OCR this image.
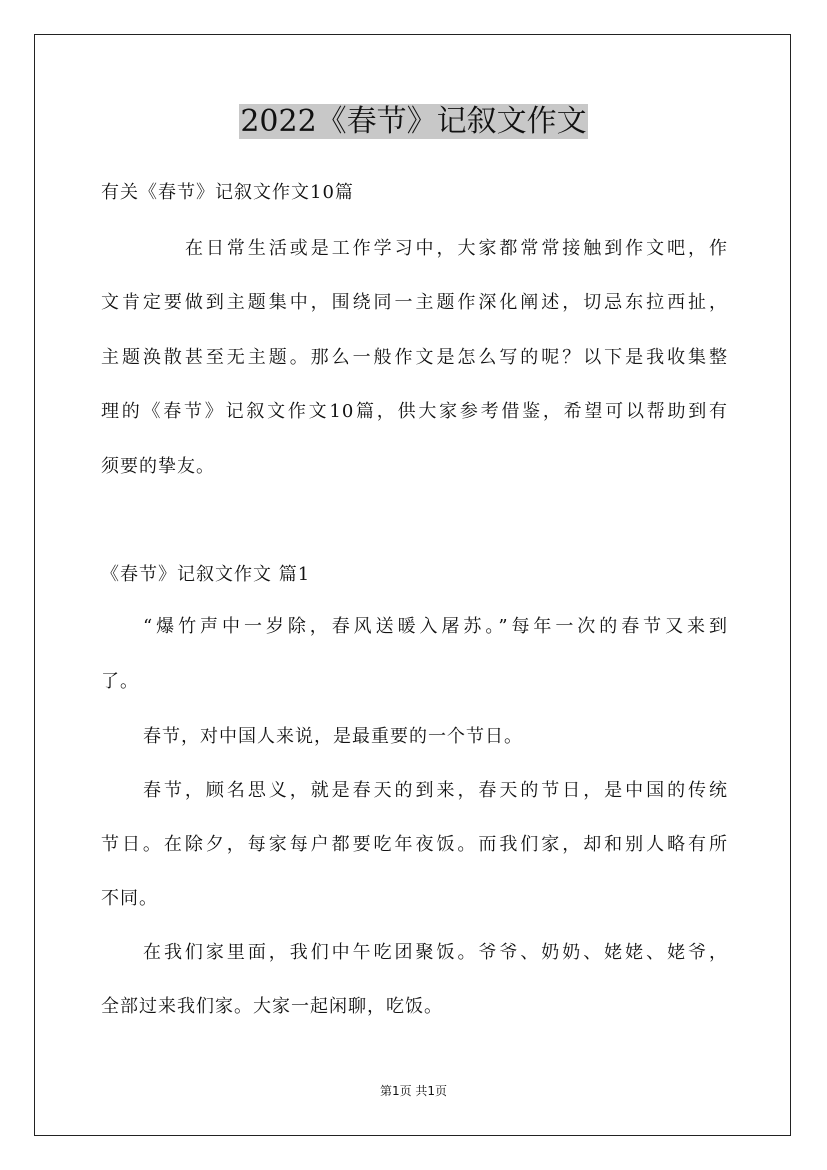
2022《春节》记叙文作文
有关《春节》记叙文作文10篇
在日常生活或是工作学习中，大家都常常接触到作文吧，作
文肯定要做到主题集中，围绕同一主题作深化阐述，切忌东拉西扯，
主题涣散甚至无主题。那么一般作文是怎么写的呢？以下是我收集整
理的《春节》记叙文作文10篇，供大家参考借鉴，希望可以帮助到有
须要的挚友。
《春节》记叙文作文 篇1
“爆竹声中一岁除，春风送暖入屠苏。”每年一次的春节又来到
了。
春节，对中国人来说，是最重要的一个节日。
春节，顾名思义，就是春天的到来，春天的节日，是中国的传统
节日。在除夕，每家每户都要吃年夜饭。而我们家，却和别人略有所
不同。
在我们家里面，我们中午吃团聚饭。爷爷、奶奶、姥姥、姥爷，
全部过来我们家。大家一起闲聊，吃饭。
第1页 共1页
